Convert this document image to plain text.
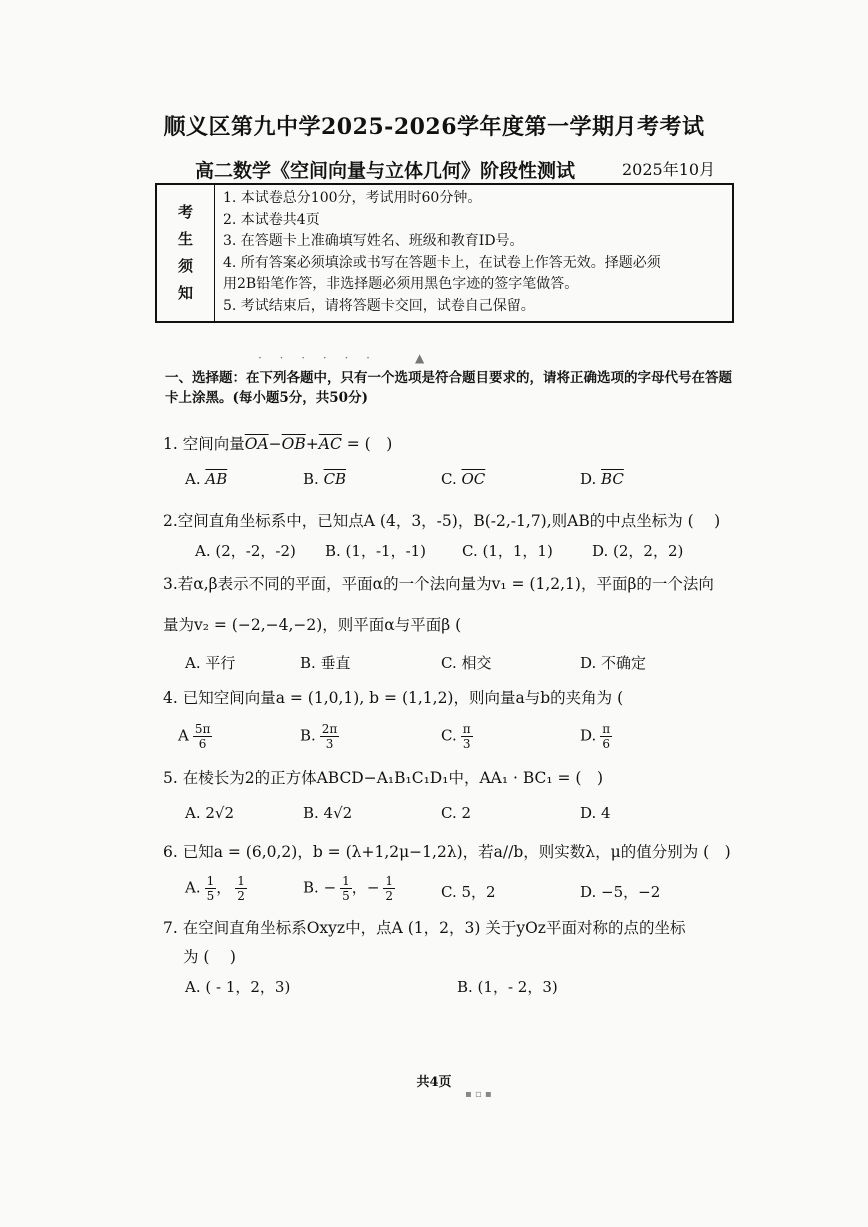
顺义区第九中学2025-2026学年度第一学期月考考试
高二数学《空间向量与立体几何》阶段性测试	2025年10月
考
生
须
知
1. 本试卷总分100分，考试用时60分钟。
2. 本试卷共4页
3. 在答题卡上准确填写姓名、班级和教育ID号。
4. 所有答案必须填涂或书写在答题卡上，在试卷上作答无效。择题必须
用2B铅笔作答，非选择题必须用黑色字迹的签字笔做答。
5. 考试结束后，请将答题卡交回，试卷自己保留。
· · · · · ·　　▲
一、选择题：在下列各题中，只有一个选项是符合题目要求的，请将正确选项的字母代号在答题卡上涂黑。(每小题5分，共50分)
1. 空间向量$\overline{OA}-\overline{OB}+\overline{AC}$ = (　)
A. $\overline{AB}$	B. $\overline{CB}$	C. $\overline{OC}$	D. $\overline{BC}$
2.空间直角坐标系中，已知点A (4，3，-5)，B(-2,-1,7),则AB的中点坐标为 (　 )
A. (2，-2，-2) B. (1，-1，-1) C. (1，1，1)	D. (2，2，2)
3.若α,β表示不同的平面，平面α的一个法向量为v₁ = (1,2,1)，平面β的一个法向
量为v₂ = (−2,−4,−2)，则平面α与平面β (
A. 平行	B. 垂直	C. 相交	D. 不确定
4. 已知空间向量a = (1,0,1), b = (1,1,2)，则向量a与b的夹角为 (
A $\frac{5\pi}{6}$	B. $\frac{2\pi}{3}$	C. $\frac{\pi}{3}$	D. $\frac{\pi}{6}$
5. 在棱长为2的正方体ABCD−A₁B₁C₁D₁中，AA₁ · BC₁ = (　)
A. 2√2	B. 4√2	C. 2	D. 4
6. 已知a = (6,0,2)，b = (λ+1,2μ−1,2λ)，若a//b，则实数λ，μ的值分别为 (　)
A. $\frac{1}{5}$ ， $\frac{1}{2}$	B. − $\frac{1}{5}$ ，− $\frac{1}{2}$	C. 5，2	D. −5，−2
7. 在空间直角坐标系Oxyz中，点A (1，2，3) 关于yOz平面对称的点的坐标
为 (　 )
A. ( - 1，2，3)	B. (1，- 2，3)
共4页
▪ ▫ ▪
